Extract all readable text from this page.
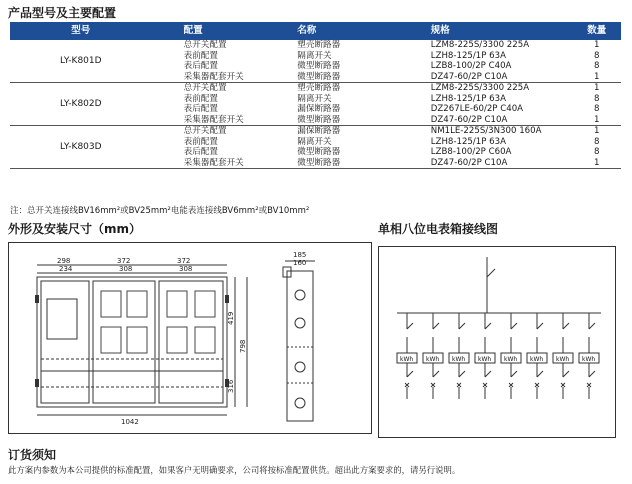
产品型号及主要配置
型号	配置	名称	规格	数量
LY-K801D	总开关配置	塑壳断路器	LZM8-225S/3300 225A	1
	表前配置	隔离开关	LZH8-125/1P 63A	8
	表后配置	微型断路器	LZB8-100/2P C40A	8
	采集器配套开关	微型断路器	DZ47-60/2P C10A	1
LY-K802D	总开关配置	塑壳断路器	LZM8-225S/3300 225A	1
	表前配置	隔离开关	LZH8-125/1P 63A	8
	表后配置	漏保断路器	DZ267LE-60/2P C40A	8
	采集器配套开关	微型断路器	DZ47-60/2P C10A	1
LY-K803D	总开关配置	漏保断路器	NM1LE-225S/3N300 160A	1
	表前配置	隔离开关	LZH8-125/1P 63A	8
	表后配置	微型断路器	LZB8-100/2P C60A	8
	采集器配套开关	微型断路器	DZ47-60/2P C10A	1
注：总开关连接线BV16mm²或BV25mm²电能表连接线BV6mm²或BV10mm²
外形及安装尺寸（mm）	单相八位电表箱接线图
298	372	372
234	308	308
1042
419
316
798
185
160
kWh kWh kWh kWh kWh kWh kWh kWh
订货须知
此方案内参数为本公司提供的标准配置，如果客户无明确要求，公司将按标准配置供货。超出此方案要求的，请另行说明。
